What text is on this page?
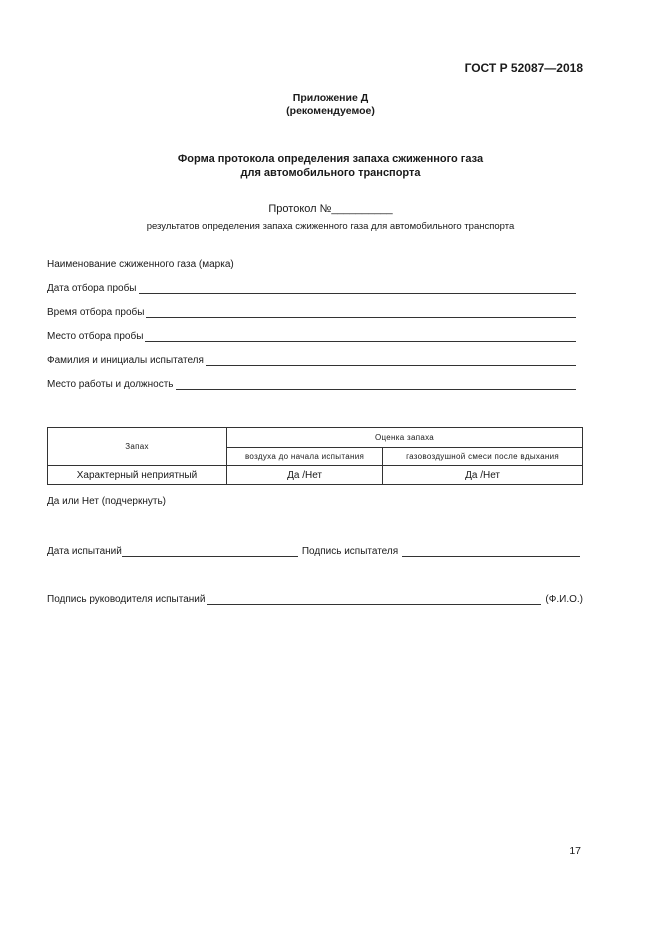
ГОСТ Р 52087—2018
Приложение Д
(рекомендуемое)
Форма протокола определения запаха сжиженного газа
для автомобильного транспорта
Протокол №__________
результатов определения запаха сжиженного газа для автомобильного транспорта
Наименование сжиженного газа (марка)
Дата отбора пробы
Время отбора пробы
Место отбора пробы
Фамилия и инициалы испытателя
Место работы и должность
Запах	Оценка запаха	
	воздуха до начала испытания	газовоздушной смеси после вдыхания
Характерный неприятный	Да /Нет	Да /Нет
Да или Нет (подчеркнуть)
Дата испытаний	Подпись испытателя
Подпись руководителя испытаний	(Ф.И.О.)
17
